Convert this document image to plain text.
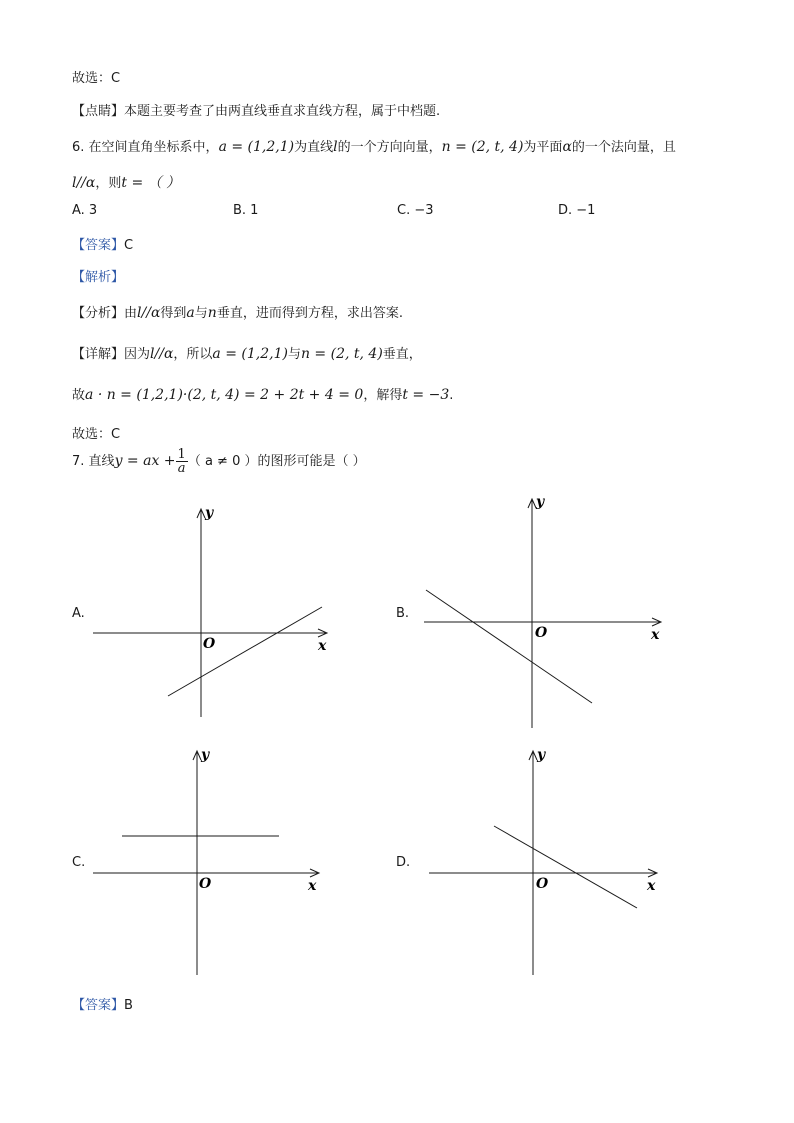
故选：C
【点睛】本题主要考查了由两直线垂直求直线方程，属于中档题.
6. 在空间直角坐标系中，a = (1,2,1)为直线l的一个方向向量，n = (2, t, 4)为平面α的一个法向量，且
l//α，则t = （ ）
A. 3	B. 1	C. −3	D. −1
【答案】C
【解析】
【分析】由l//α得到a与n垂直，进而得到方程，求出答案.
【详解】因为l//α，所以a = (1,2,1)与n = (2, t, 4)垂直，
故a · n = (1,2,1)·(2, t, 4) = 2 + 2t + 4 = 0，解得t = −3.
故选：C
7. 直线y = ax + $\frac{1}{a}$ （ a ≠ 0 ）的图形可能是（ ）
A.	B.
C.	D.
y
x
O
y
x
O
y
x
O
y
x
O
【答案】B
